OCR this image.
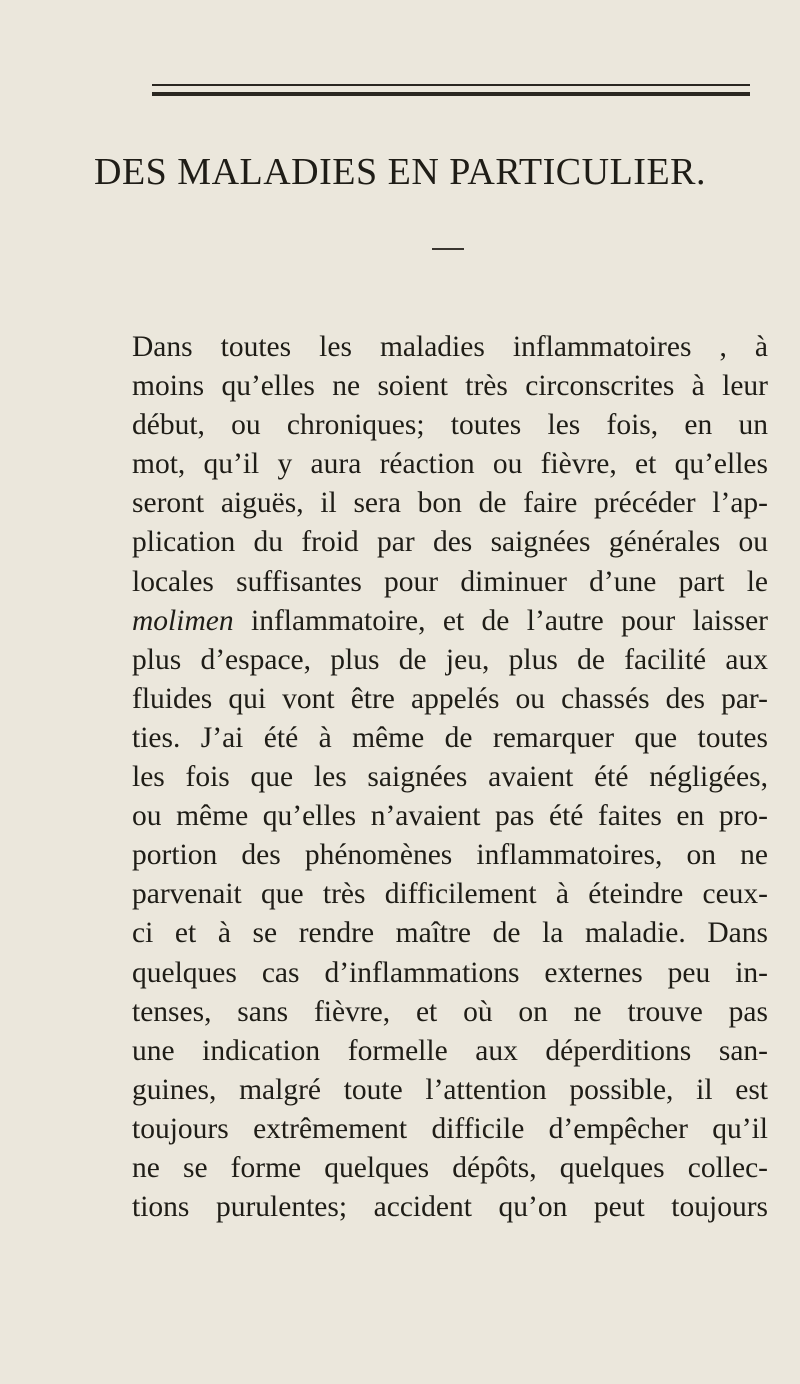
DES MALADIES EN PARTICULIER.
Dans toutes les maladies inflammatoires , à
moins qu’elles ne soient très circonscrites à leur
début, ou chroniques; toutes les fois, en un
mot, qu’il y aura réaction ou fièvre, et qu’elles
seront aiguës, il sera bon de faire précéder l’ap-
plication du froid par des saignées générales ou
locales suffisantes pour diminuer d’une part le
molimen inflammatoire, et de l’autre pour laisser
plus d’espace, plus de jeu, plus de facilité aux
fluides qui vont être appelés ou chassés des par-
ties. J’ai été à même de remarquer que toutes
les fois que les saignées avaient été négligées,
ou même qu’elles n’avaient pas été faites en pro-
portion des phénomènes inflammatoires, on ne
parvenait que très difficilement à éteindre ceux-
ci et à se rendre maître de la maladie. Dans
quelques cas d’inflammations externes peu in-
tenses, sans fièvre, et où on ne trouve pas
une indication formelle aux déperditions san-
guines, malgré toute l’attention possible, il est
toujours extrêmement difficile d’empêcher qu’il
ne se forme quelques dépôts, quelques collec-
tions purulentes; accident qu’on peut toujours
